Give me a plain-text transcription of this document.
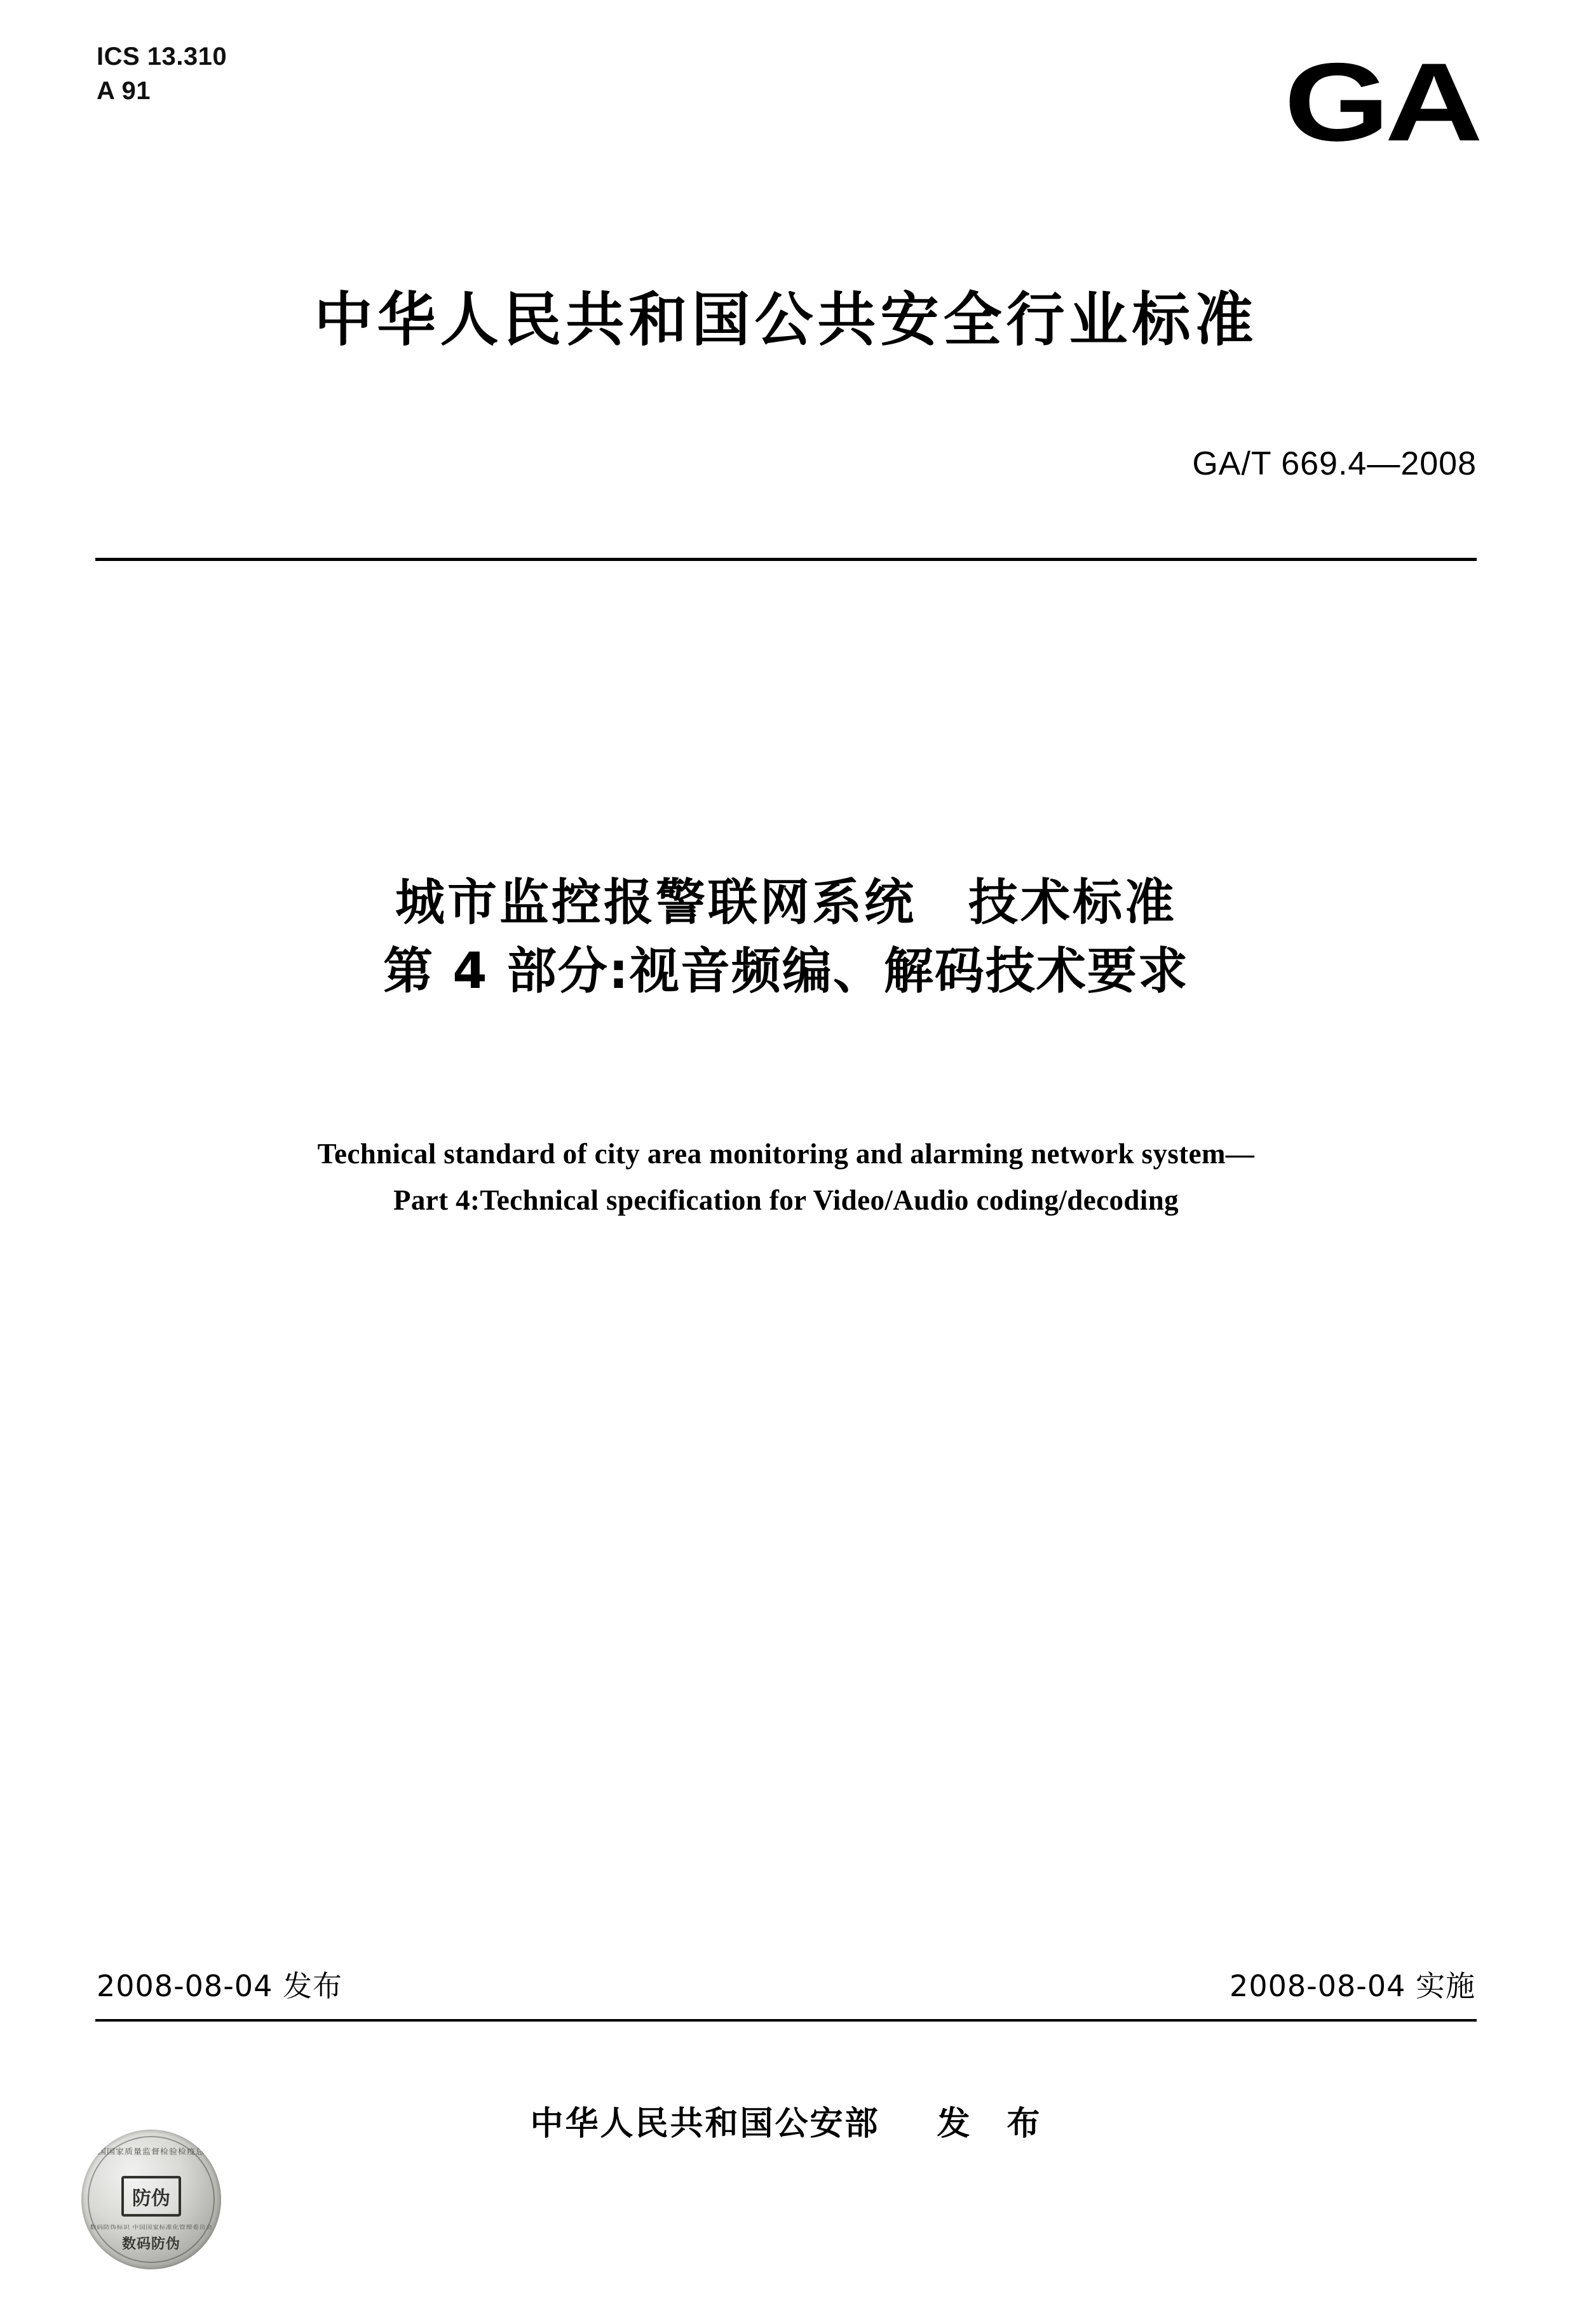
ICS 13.310
A 91	GA
中华人民共和国公共安全行业标准
GA/T 669.4—2008
城市监控报警联网系统　技术标准
第 4 部分:视音频编、解码技术要求
Technical standard of city area monitoring and alarming network system—
Part 4:Technical specification for Video/Audio coding/decoding
2008-08-04 发布	2008-08-04 实施
中华人民共和国公安部 发　布
中国国家质量监督检验检疫总局
防伪
数码防伪标识 中国国家标准化管理委员会
数码防伪
